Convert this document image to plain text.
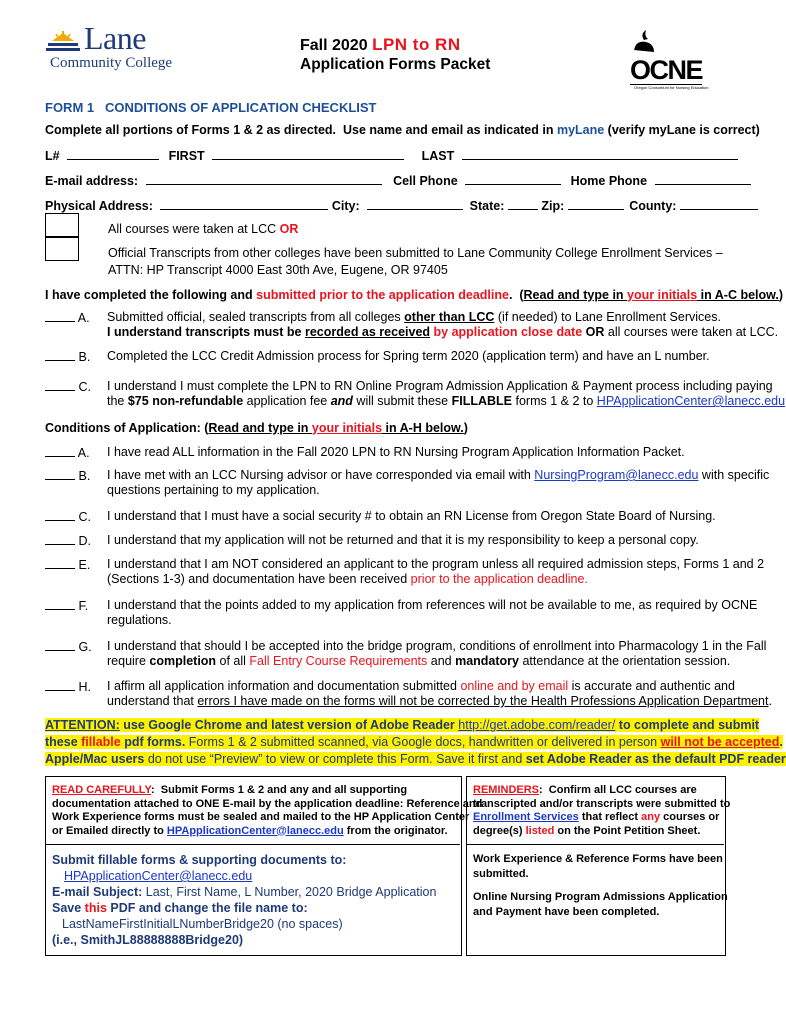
Lane
Community College
Fall 2020 LPN to RN
Application Forms Packet	OCNE
Oregon Consortium for Nursing Education
FORM 1   CONDITIONS OF APPLICATION CHECKLIST
Complete all portions of Forms 1 & 2 as directed.  Use name and email as indicated in myLane (verify myLane is correct)
L#	FIRST	LAST
E-mail address:	Cell Phone	Home Phone
Physical Address:	City:	State:	Zip:	County:
All courses were taken at LCC OR
Official Transcripts from other colleges have been submitted to Lane Community College Enrollment Services –
ATTN: HP Transcript 4000 East 30th Ave, Eugene, OR 97405
I have completed the following and submitted prior to the application deadline.  (Read and type in your initials in A-C below.)
A. Submitted official, sealed transcripts from all colleges other than LCC (if needed) to Lane Enrollment Services.
I understand transcripts must be recorded as received by application close date OR all courses were taken at LCC.
B. Completed the LCC Credit Admission process for Spring term 2020 (application term) and have an L number.
C. I understand I must complete the LPN to RN Online Program Admission Application & Payment process including paying
the $75 non-refundable application fee and will submit these FILLABLE forms 1 & 2 to HPApplicationCenter@lanecc.edu
Conditions of Application: (Read and type in your initials in A-H below.)
A. I have read ALL information in the Fall 2020 LPN to RN Nursing Program Application Information Packet.
B. I have met with an LCC Nursing advisor or have corresponded via email with NursingProgram@lanecc.edu with specific
questions pertaining to my application.
C. I understand that I must have a social security # to obtain an RN License from Oregon State Board of Nursing.
D. I understand that my application will not be returned and that it is my responsibility to keep a personal copy.
E. I understand that I am NOT considered an applicant to the program unless all required admission steps, Forms 1 and 2
(Sections 1-3) and documentation have been received prior to the application deadline.
F. I understand that the points added to my application from references will not be available to me, as required by OCNE
regulations.
G. I understand that should I be accepted into the bridge program, conditions of enrollment into Pharmacology 1 in the Fall
require completion of all Fall Entry Course Requirements and mandatory attendance at the orientation session.
H. I affirm all application information and documentation submitted online and by email is accurate and authentic and
understand that errors I have made on the forms will not be corrected by the Health Professions Application Department.
ATTENTION: use Google Chrome and latest version of Adobe Reader http://get.adobe.com/reader/ to complete and submit
these fillable pdf forms. Forms 1 & 2 submitted scanned, via Google docs, handwritten or delivered in person will not be accepted.
Apple/Mac users do not use “Preview” to view or complete this Form. Save it first and set Adobe Reader as the default PDF reader
READ CAREFULLY:  Submit Forms 1 & 2 and any and all supporting
documentation attached to ONE E-mail by the application deadline: Reference and
Work Experience forms must be sealed and mailed to the HP Application Center
or Emailed directly to HPApplicationCenter@lanecc.edu from the originator.
Submit fillable forms & supporting documents to:
HPApplicationCenter@lanecc.edu
E-mail Subject: Last, First Name, L Number, 2020 Bridge Application
Save this PDF and change the file name to:
LastNameFirstInitialLNumberBridge20 (no spaces)
(i.e., SmithJL88888888Bridge20)
REMINDERS:  Confirm all LCC courses are
transcripted and/or transcripts were submitted to
Enrollment Services that reflect any courses or
degree(s) listed on the Point Petition Sheet.
Work Experience & Reference Forms have been
submitted.
Online Nursing Program Admissions Application
and Payment have been completed.
